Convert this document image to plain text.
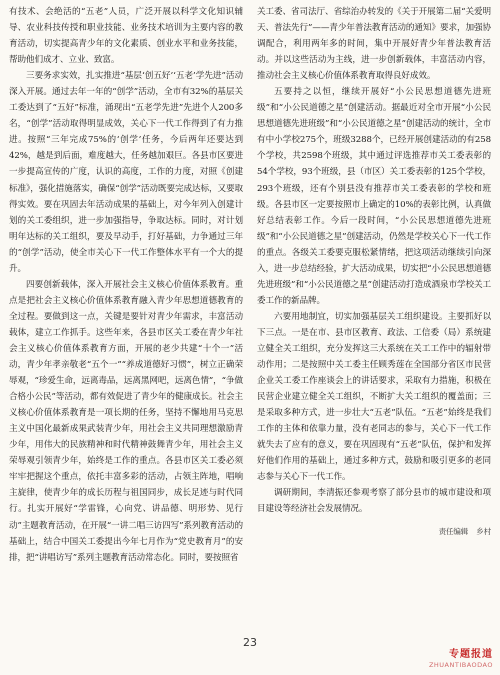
有技术、会绝活的“五老”人员，广泛开展以科学文化知识辅导、农业科技传授和职业技能、业务技术培训为主要内容的教育活动，切实提高青少年的文化素质、创业水平和业务技能，帮助他们成才、立业、致富。

三要务求实效，扎实推进“基层‘创五好’‘五老’学先进”活动深入开展。通过去年一年的“创学”活动，全市有32%的基层关工委达到了“五好”标准，涌现出“五老学先进”先进个人200多名，“创学”活动取得明显成效，关心下一代工作得到了有力推进。按照“三年完成75%的‘创学’任务，今后两年还要达到42%，越是到后面，难度越大，任务越加艰巨。各县市区要进一步提高宣传的广度，认识的高度，工作的力度，对照《创建标准》，强化措施落实，确保“创学”活动既要完成达标，又要取得实效。要在巩固去年活动成果的基础上，对今年列入创建计划的关工委组织，进一步加强指导，争取达标。同时，对计划明年达标的关工组织，要及早动手，打好基础，力争通过三年的“创学”活动，使全市关心下一代工作整体水平有一个大的提升。

四要创新载体，深入开展社会主义核心价值体系教育。重点是把社会主义核心价值体系教育融入青少年思想道德教育的全过程。要做到这一点，关键是要针对青少年需求，丰富活动载体，建立工作抓手。这些年来，各县市区关工委在青少年社会主义核心价值体系教育方面，开展的老少共建“十个一”活动，青少年孝亲敬老“五个一”“养成道德好习惯”，树立正确荣辱观，“珍爱生命，远离毒品，远离黑网吧，远离色情”，“争做合格小公民”等活动，都有效促进了青少年的健康成长。社会主义核心价值体系教育是一项长期的任务，坚持不懈地用马克思主义中国化最新成果武装青少年，用社会主义共同理想激励青少年，用伟大的民族精神和时代精神鼓舞青少年，用社会主义荣辱观引领青少年，始终是工作的重点。各县市区关工委必须牢牢把握这个重点，依托丰富多彩的活动，占领主阵地，唱响主旋律，使青少年的成长历程与祖国同步，成长足迹与时代同行。扎实开展好“学雷锋，心向党、讲品德、明形势、见行动”主题教育活动，在开展“一讲二唱三访四写”系列教育活动的基础上，结合中国关工委提出今年七月作为“党史教育月”的安排，把“讲唱访写”系列主题教育活动常态化。同时，要按照省

关工委、省司法厅、省综治办转发的《关于开展第二届“关爱明天、普法先行”——青少年普法教育活动的通知》要求，加强协调配合，利用两年多的时间，集中开展好青少年普法教育活动。并以这些活动为主线，进一步创新载体，丰富活动内容，推动社会主义核心价值体系教育取得良好成效。

五要持之以恒，继续开展好“小公民思想道德先进班级”和“小公民道德之星”创建活动。据最近对全市开展“小公民思想道德先进班级”和“小公民道德之星”创建活动的统计，全市有中小学校275个，班级3288个，已经开展创建活动的有258个学校，共2598个班级，其中通过评选推荐市关工委表彰的54个学校，93个班级，县（市区）关工委表彰的125个学校，293个班级，还有个别县没有推荐市关工委表彰的学校和班级。各县市区一定要按照市上确定的10%的表彰比例，认真做好总结表彰工作。今后一段时间，“小公民思想道德先进班级”和“小公民道德之星”创建活动，仍然是学校关心下一代工作的重点。各级关工委要克服松紧情绪，把这项活动继续引向深入，进一步总结经验，扩大活动成果，切实把“小公民思想道德先进班级”和“小公民道德之星”创建活动打造成酒泉市学校关工委工作的新品牌。

六要用地制宜，切实加强基层关工组织建设。主要抓好以下三点。一是在市、县市区教育、政法、工信委（局）系统建立健全关工组织，充分发挥这三大系统在关工工作中的辐射带动作用；二是按照中关工委主任顾秀莲在全国部分省区市民营企业关工委工作座谈会上的讲话要求，采取有力措施，积极在民营企业建立健全关工组织，不断扩大关工组织的覆盖面；三是采取多种方式，进一步壮大“五老”队伍。“五老”始终是我们工作的主体和依靠力量，没有老同志的参与，关心下一代工作就失去了应有的意义，要在巩固现有“五老”队伍，保护和发挥好他们作用的基础上，通过多种方式，鼓励和吸引更多的老同志参与关心下一代工作。

调研期间，李清振还参观考察了部分县市的城市建设和项目建设等经济社会发展情况。

责任编辑 乡村

23
专题报道
ZHUANTIBAODAO
